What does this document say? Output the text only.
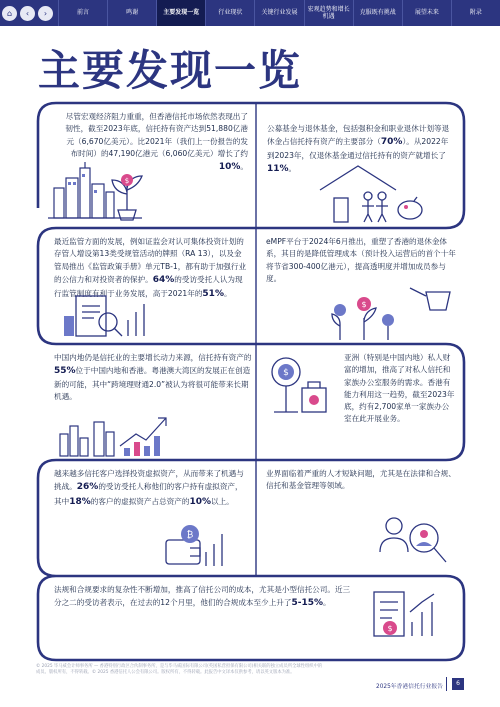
⌂	‹	›	前言	鸣谢	主要发现一览	行业现状	关键行业发展
宏观趋势和增长机遇
克服既有挑战	展望未来	附录
主要发现一览
尽管宏观经济阻力重重，但香港信托市场依然表现出了韧性，截至2023年底，信托持有资产达到51,880亿港元（6,670亿美元）。比2021年（我们上一份报告的发布时间）的47,190亿港元（6,060亿美元）增长了约 10%。
$
公募基金与退休基金，包括强积金和职业退休计划等退休金占信托持有资产的主要部分（70%）。从2022年到2023年，仅退休基金通过信托持有的资产就增长了11%。
最近监管方面的发展，例如证监会对认可集体投资计划的存管人增设第13类受规管活动的牌照（RA 13），以及金管局推出《监管政策手册》单元TB-1，都有助于加强行业的公信力和对投资者的保护。64%的受访受托人认为现行监管制度有利于业务发展，高于2021年的51%。
eMPF平台于2024年6月推出，重塑了香港的退休金体系，其目的是降低管理成本（预计投入运营后的首个十年将节省300-400亿港元），提高透明度并增加成员参与度。
$
中国内地仍是信托业的主要增长动力来源，信托持有资产的55%位于中国内地和香港。粤港澳大湾区的发展正在创造新的可能，其中“跨境理财通2.0”被认为将很可能带来长期机遇。
$
亚洲（特别是中国内地）私人财富的增加，推高了对私人信托和家族办公室服务的需求。香港有能力利用这一趋势，截至2023年底，约有2,700家单一家族办公室在此开展业务。
越来越多信托客户选择投资虚拟资产，从而带来了机遇与挑战。26%的受访受托人称他们的客户持有虚拟资产，其中18%的客户的虚拟资产占总资产的10%以上。
₿
业界面临着严重的人才短缺问题，尤其是在法律和合规、信托和基金管理等领域。
法规和合规要求的复杂性不断增加，推高了信托公司的成本，尤其是小型信托公司。近三分之二的受访者表示，在过去的12个月里，他们的合规成本至少上升了5-15%。
$
© 2025 毕马威会计师事务所 — 香港特别行政区合伙制事务所，是与毕马威国际有限公司(英国私营担保有限公司)相关联的独立成员所全球性组织中的成员。版权所有，不得转载。© 2025 香港信托人公会有限公司。版权所有，不得转载。此报告中文译本仅供参考，请以英文版本为准。
2025年香港信托行业报告	6
